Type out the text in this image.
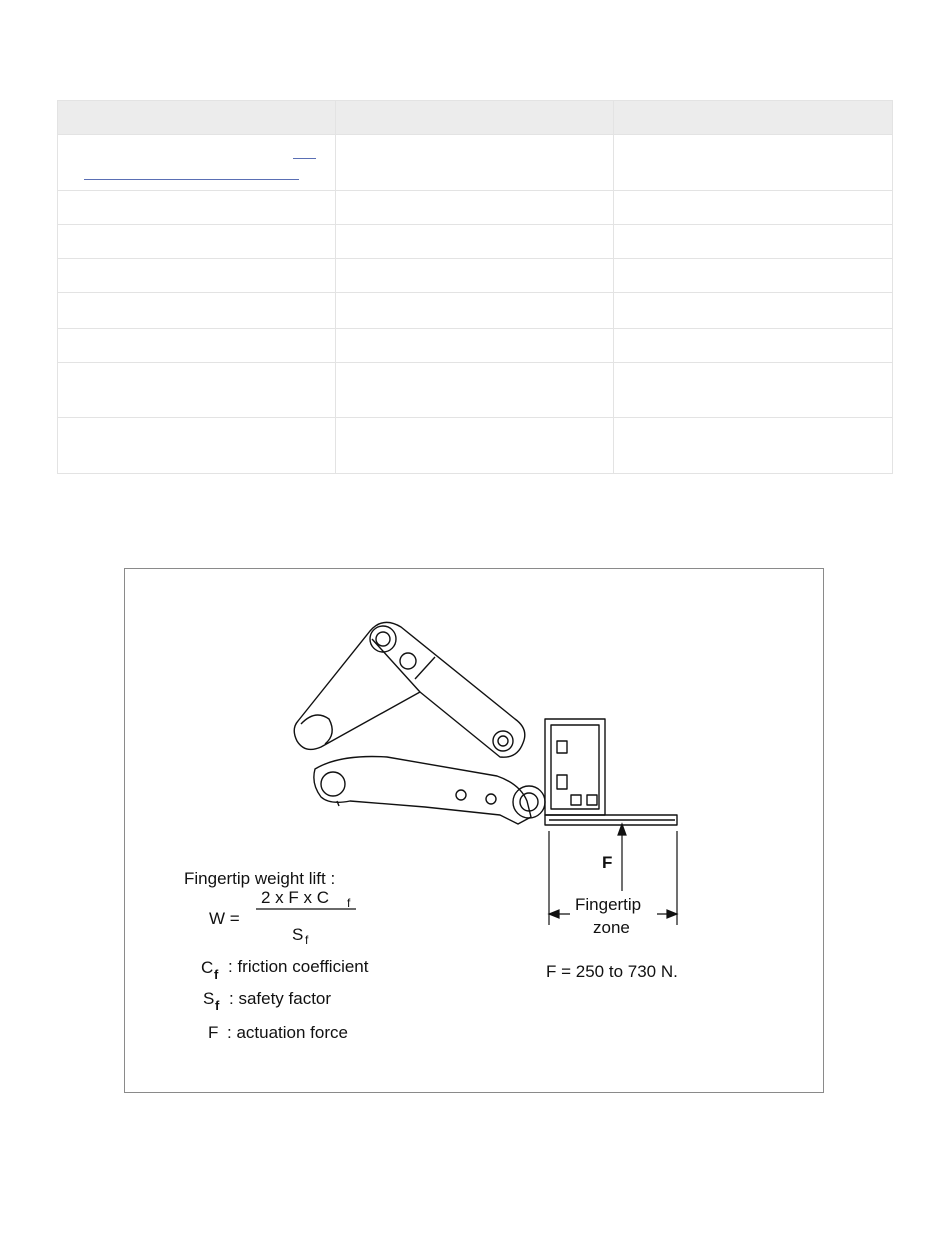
Fingertip weight lift :
W =
2 x F x C f
S f
C f : friction coefficient
S f : safety factor
F : actuation force
F
Fingertip
zone
F = 250 to 730 N.
